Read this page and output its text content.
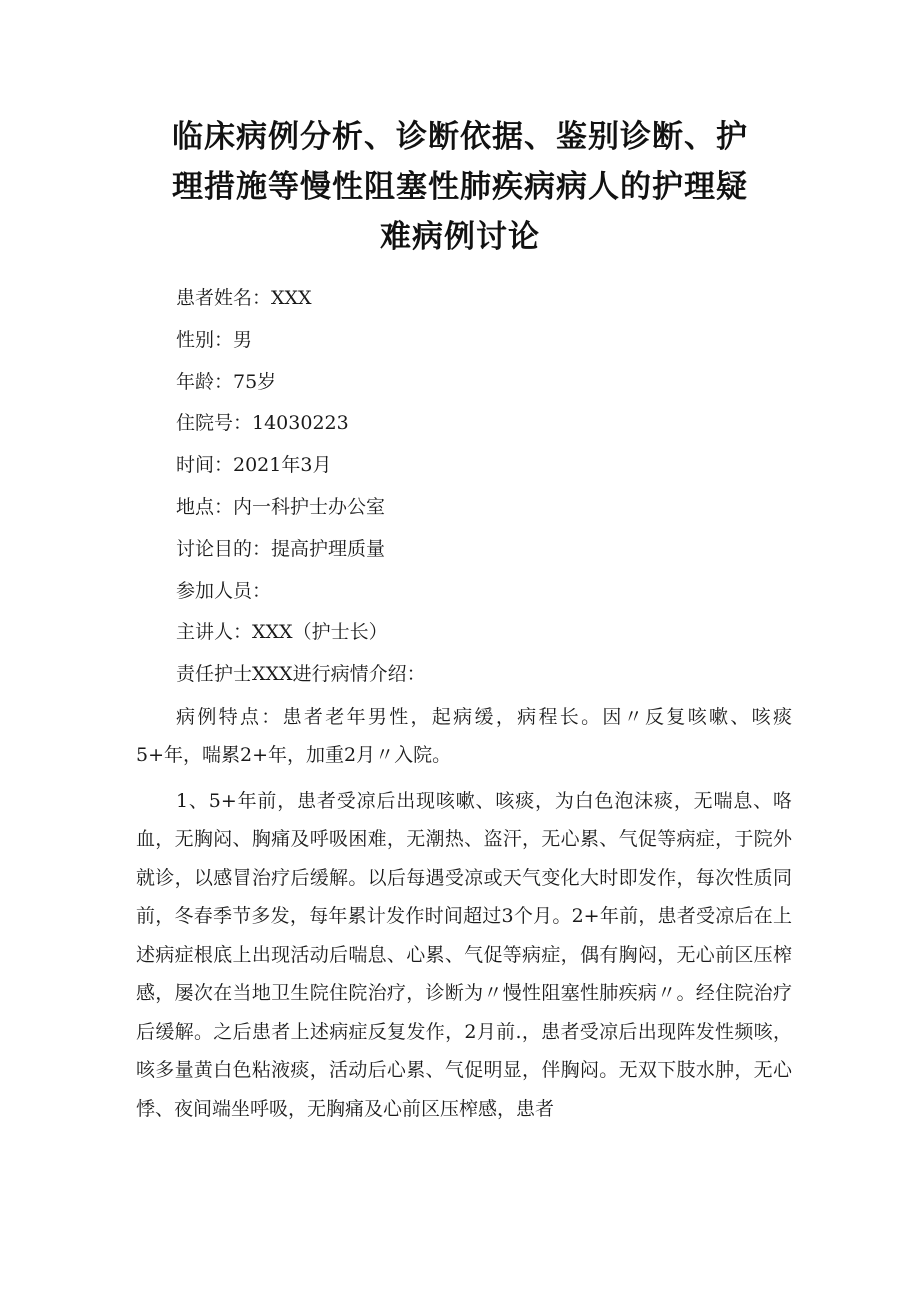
临床病例分析、诊断依据、鉴别诊断、护
理措施等慢性阻塞性肺疾病病人的护理疑
难病例讨论
患者姓名：XXX
性别：男
年龄：75岁
住院号：14030223
时间：2021年3月
地点：内一科护士办公室
讨论目的：提高护理质量
参加人员：
主讲人：XXX（护士长）
责任护士XXX进行病情介绍：

病例特点：患者老年男性，起病缓，病程长。因〃反复咳嗽、咳痰5+年，喘累2+年，加重2月〃入院。

1、5+年前，患者受凉后出现咳嗽、咳痰，为白色泡沫痰，无喘息、咯血，无胸闷、胸痛及呼吸困难，无潮热、盗汗，无心累、气促等病症，于院外就诊，以感冒治疗后缓解。以后每遇受凉或天气变化大时即发作，每次性质同前，冬春季节多发，每年累计发作时间超过3个月。2+年前，患者受凉后在上述病症根底上出现活动后喘息、心累、气促等病症，偶有胸闷，无心前区压榨感，屡次在当地卫生院住院治疗，诊断为〃慢性阻塞性肺疾病〃。经住院治疗后缓解。之后患者上述病症反复发作，2月前.，患者受凉后出现阵发性频咳，咳多量黄白色粘液痰，活动后心累、气促明显，伴胸闷。无双下肢水肿，无心悸、夜间端坐呼吸，无胸痛及心前区压榨感，患者
